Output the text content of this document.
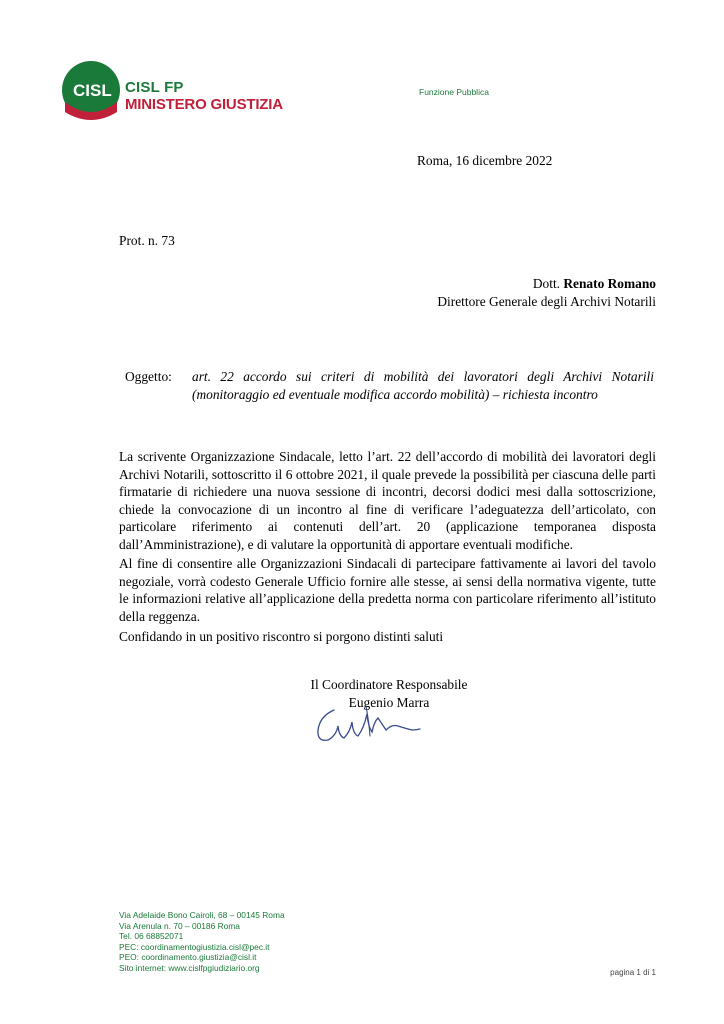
CISL CISL FP
MINISTERO GIUSTIZIA
Funzione Pubblica
Roma, 16 dicembre 2022
Prot. n. 73
Dott. Renato Romano
Direttore Generale degli Archivi Notarili
Oggetto: art. 22 accordo sui criteri di mobilità dei lavoratori degli Archivi Notarili (monitoraggio ed eventuale modifica accordo mobilità) – richiesta incontro
La scrivente Organizzazione Sindacale, letto l’art. 22 dell’accordo di mobilità dei lavoratori degli Archivi Notarili, sottoscritto il 6 ottobre 2021, il quale prevede la possibilità per ciascuna delle parti firmatarie di richiedere una nuova sessione di incontri, decorsi dodici mesi dalla sottoscrizione, chiede la convocazione di un incontro al fine di verificare l’adeguatezza dell’articolato, con particolare riferimento ai contenuti dell’art. 20 (applicazione temporanea disposta dall’Amministrazione), e di valutare la opportunità di apportare eventuali modifiche.
Al fine di consentire alle Organizzazioni Sindacali di partecipare fattivamente ai lavori del tavolo negoziale, vorrà codesto Generale Ufficio fornire alle stesse, ai sensi della normativa vigente, tutte le informazioni relative all’applicazione della predetta norma con particolare riferimento all’istituto della reggenza.
Confidando in un positivo riscontro si porgono distinti saluti
Il Coordinatore Responsabile
Eugenio Marra
Via Adelaide Bono Cairoli, 68 – 00145 Roma
Via Arenula n. 70 – 00186 Roma
Tel. 06 68852071
PEC: coordinamentogiustizia.cisl@pec.it
PEO: coordinamento.giustizia@cisl.it
Sito internet: www.cislfpgiudiziario.org	pagina 1 di 1
